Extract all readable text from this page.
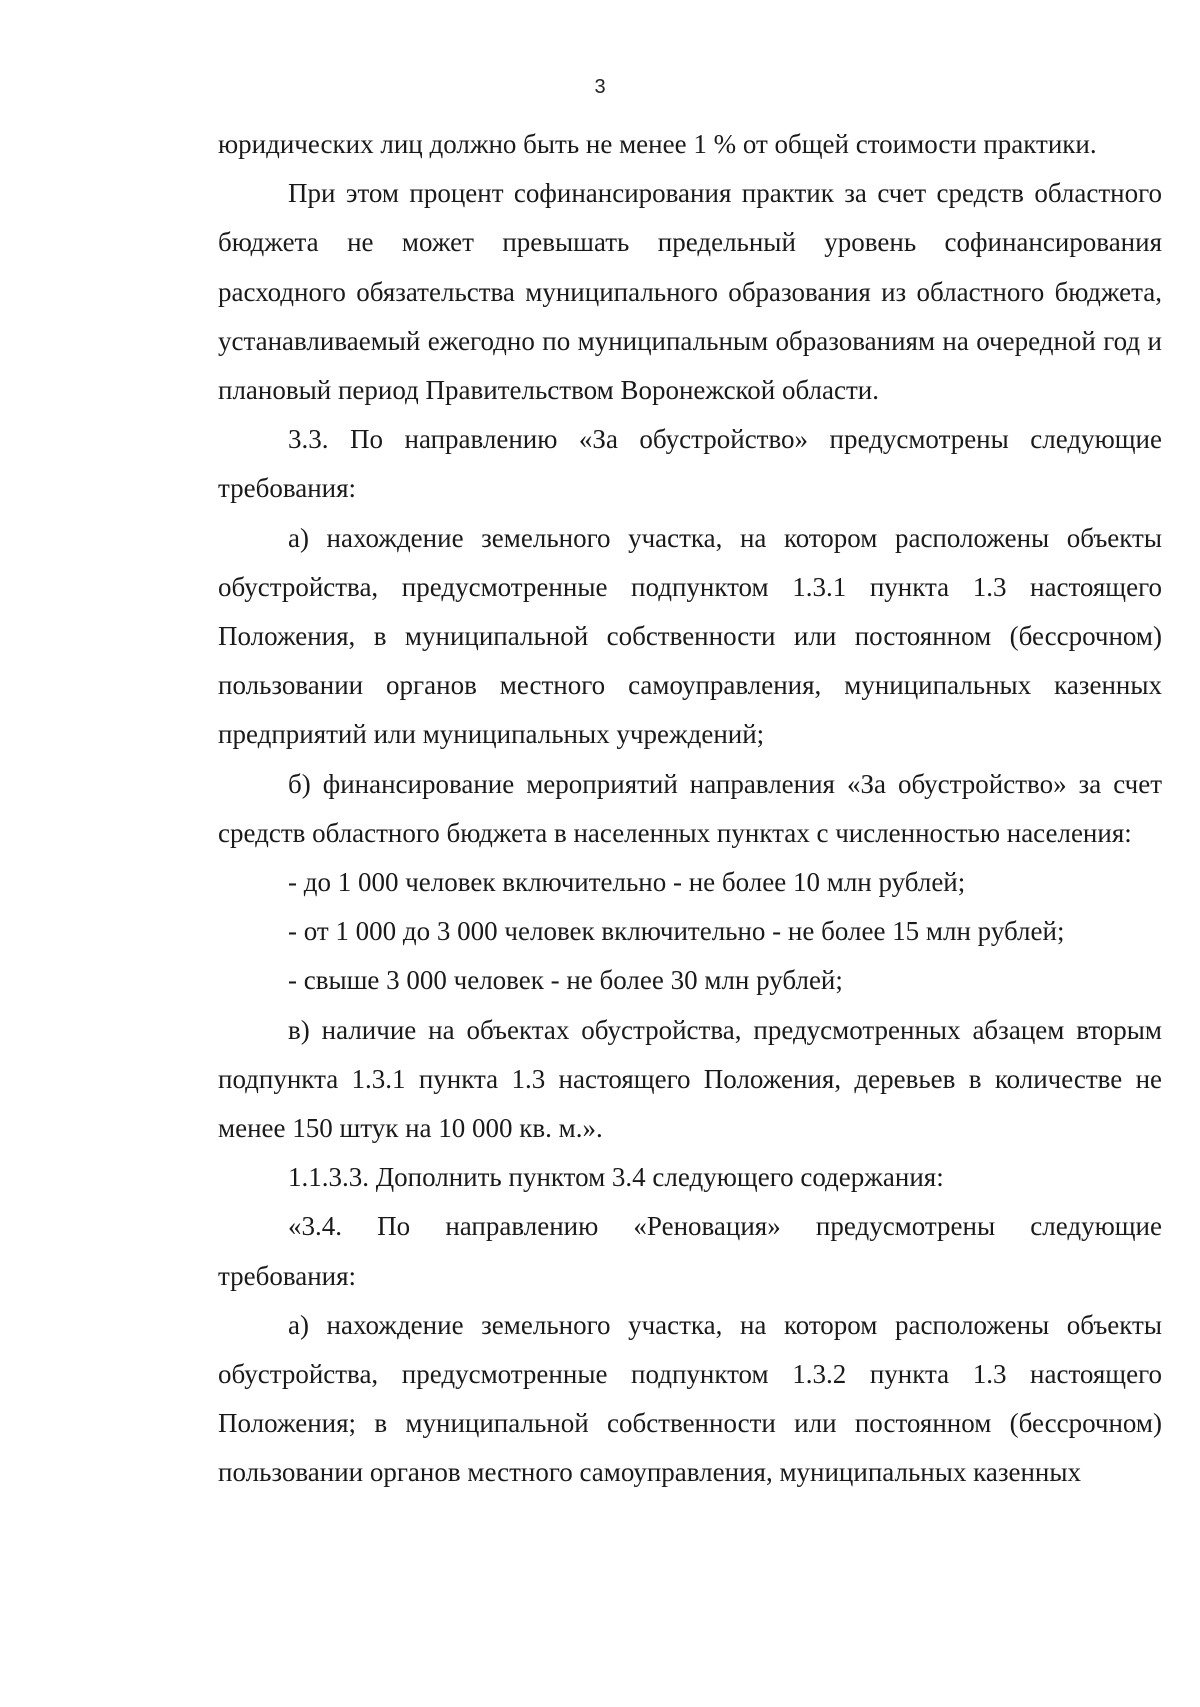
3

юридических лиц должно быть не менее 1 % от общей стоимости практики.

При этом процент софинансирования практик за счет средств областного бюджета не может превышать предельный уровень софинансирования расходного обязательства муниципального образования из областного бюджета, устанавливаемый ежегодно по муниципальным образованиям на очередной год и плановый период Правительством Воронежской области.

3.3. По направлению «За обустройство» предусмотрены следующие требования:

а) нахождение земельного участка, на котором расположены объекты обустройства, предусмотренные подпунктом 1.3.1 пункта 1.3 настоящего Положения, в муниципальной собственности или постоянном (бессрочном) пользовании органов местного самоуправления, муниципальных казенных предприятий или муниципальных учреждений;

б) финансирование мероприятий направления «За обустройство» за счет средств областного бюджета в населенных пунктах с численностью населения:

- до 1 000 человек включительно - не более 10 млн рублей;

- от 1 000 до 3 000 человек включительно - не более 15 млн рублей;

- свыше 3 000 человек - не более 30 млн рублей;

в) наличие на объектах обустройства, предусмотренных абзацем вторым подпункта 1.3.1 пункта 1.3 настоящего Положения, деревьев в количестве не менее 150 штук на 10 000 кв. м.».

1.1.3.3. Дополнить пунктом 3.4 следующего содержания:

«3.4. По направлению «Реновация» предусмотрены следующие требования:

а) нахождение земельного участка, на котором расположены объекты обустройства, предусмотренные подпунктом 1.3.2 пункта 1.3 настоящего Положения; в муниципальной собственности или постоянном (бессрочном) пользовании органов местного самоуправления, муниципальных казенных
